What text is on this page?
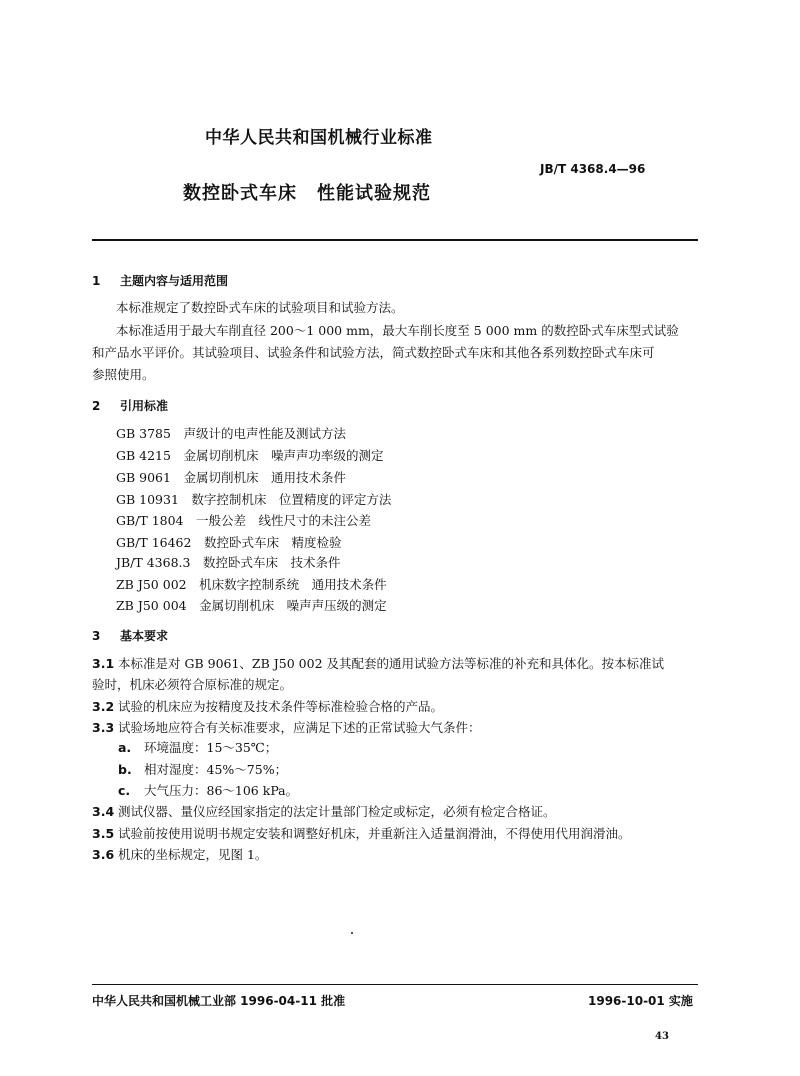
中华人民共和国机械行业标准
JB/T 4368.4—96
数控卧式车床 性能试验规范
1 主题内容与适用范围
本标准规定了数控卧式车床的试验项目和试验方法。
本标准适用于最大车削直径 200～1 000 mm，最大车削长度至 5 000 mm 的数控卧式车床型式试验
和产品水平评价。其试验项目、试验条件和试验方法，简式数控卧式车床和其他各系列数控卧式车床可
参照使用。
2 引用标准
GB 3785　声级计的电声性能及测试方法
GB 4215　金属切削机床　噪声声功率级的测定
GB 9061　金属切削机床　通用技术条件
GB 10931　数字控制机床　位置精度的评定方法
GB/T 1804　一般公差　线性尺寸的未注公差
GB/T 16462　数控卧式车床　精度检验
JB/T 4368.3　数控卧式车床　技术条件
ZB J50 002　机床数字控制系统　通用技术条件
ZB J50 004　金属切削机床　噪声声压级的测定
3 基本要求
3.1 本标准是对 GB 9061、ZB J50 002 及其配套的通用试验方法等标准的补充和具体化。按本标准试
验时，机床必须符合原标准的规定。
3.2 试验的机床应为按精度及技术条件等标准检验合格的产品。
3.3 试验场地应符合有关标准要求，应满足下述的正常试验大气条件：
a. 环境温度：15～35℃；
b. 相对湿度：45%～75%；
c. 大气压力：86～106 kPa。
3.4 测试仪器、量仪应经国家指定的法定计量部门检定或标定，必须有检定合格证。
3.5 试验前按使用说明书规定安装和调整好机床，并重新注入适量润滑油，不得使用代用润滑油。
3.6 机床的坐标规定，见图 1。
中华人民共和国机械工业部 1996-04-11 批准	1996-10-01 实施
43
